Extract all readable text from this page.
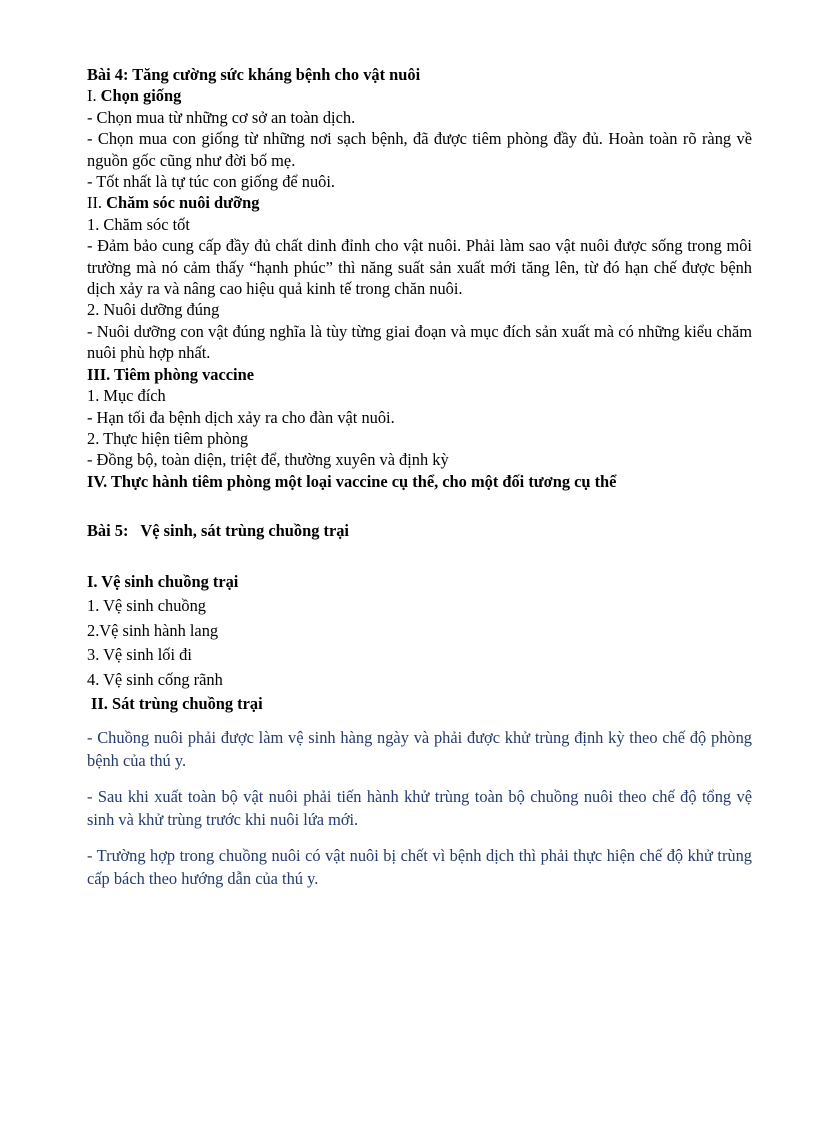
Bài 4: Tăng cường sức kháng bệnh cho vật nuôi

I. Chọn giống

- Chọn mua từ những cơ sở an toàn dịch.

- Chọn mua con giống từ những nơi sạch bệnh, đã được tiêm phòng đầy đủ. Hoàn toàn rõ ràng về nguồn gốc cũng như đời bố mẹ.

- Tốt nhất là tự túc con giống để nuôi.

II. Chăm sóc nuôi dưỡng

1. Chăm sóc tốt

- Đảm bảo cung cấp đầy đủ chất dinh đỉnh cho vật nuôi. Phải làm sao vật nuôi được sống trong môi trường mà nó cảm thấy “hạnh phúc” thì năng suất sản xuất mới tăng lên, từ đó hạn chế được bệnh dịch xảy ra và nâng cao hiệu quả kinh tế trong chăn nuôi.

2. Nuôi dưỡng đúng

- Nuôi dưỡng con vật đúng nghĩa là tùy từng giai đoạn và mục đích sản xuất mà có những kiểu chăm nuôi phù hợp nhất.

III. Tiêm phòng vaccine

1. Mục đích

- Hạn tối đa bệnh dịch xảy ra cho đàn vật nuôi.

2. Thực hiện tiêm phòng

- Đồng bộ, toàn diện, triệt để, thường xuyên và định kỳ

IV. Thực hành tiêm phòng một loại vaccine cụ thể, cho một đối tương cụ thể

Bài 5:   Vệ sinh, sát trùng chuồng trại

I. Vệ sinh chuồng trại

1. Vệ sinh chuồng

2.Vệ sinh hành lang

3. Vệ sinh lối đi

4. Vệ sinh cống rãnh

II. Sát trùng chuồng trại

- Chuồng nuôi phải được làm vệ sinh hàng ngày và phải được khử trùng định kỳ theo chế độ phòng bệnh của thú y.

- Sau khi xuất toàn bộ vật nuôi phải tiến hành khử trùng toàn bộ chuồng nuôi theo chế độ tổng vệ sinh và khử trùng trước khi nuôi lứa mới.

- Trường hợp trong chuồng nuôi có vật nuôi bị chết vì bệnh dịch thì phải thực hiện chế độ khử trùng cấp bách theo hướng dẫn của thú y.
